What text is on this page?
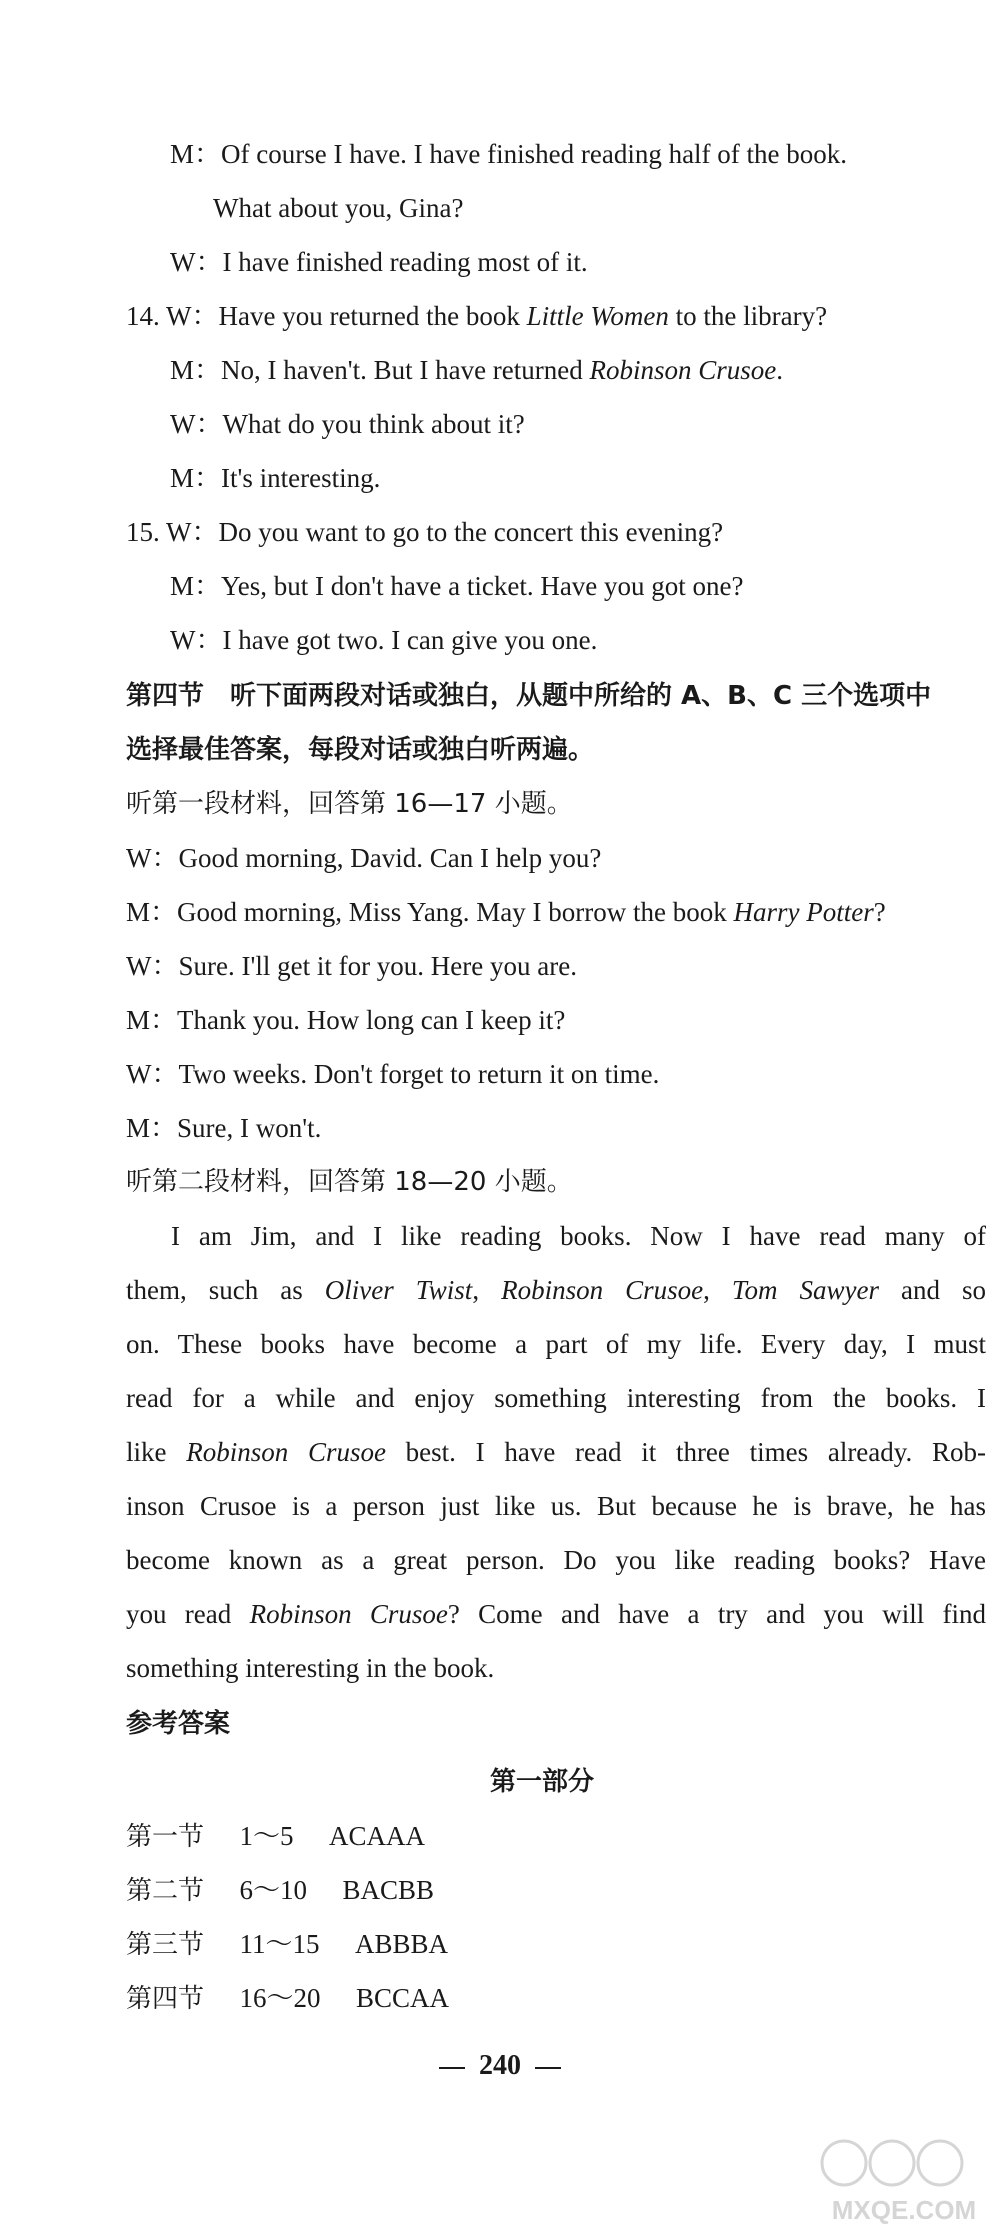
M：Of course I have. I have finished reading half of the book.
What about you, Gina?
W：I have finished reading most of it.
14. W：Have you returned the book Little Women to the library?
M：No, I haven't. But I have returned Robinson Crusoe.
W：What do you think about it?
M：It's interesting.
15. W：Do you want to go to the concert this evening?
M：Yes, but I don't have a ticket. Have you got one?
W：I have got two. I can give you one.
第四节　听下面两段对话或独白，从题中所给的 A、B、C 三个选项中
选择最佳答案，每段对话或独白听两遍。
听第一段材料，回答第 16—17 小题。
W：Good morning, David. Can I help you?
M：Good morning, Miss Yang. May I borrow the book Harry Potter?
W：Sure. I'll get it for you. Here you are.
M：Thank you. How long can I keep it?
W：Two weeks. Don't forget to return it on time.
M：Sure, I won't.
听第二段材料，回答第 18—20 小题。
I am Jim, and I like reading books. Now I have read many of
them, such as Oliver Twist, Robinson Crusoe, Tom Sawyer and so
on. These books have become a part of my life. Every day, I must
read for a while and enjoy something interesting from the books. I
like Robinson Crusoe best. I have read it three times already. Rob-
inson Crusoe is a person just like us. But because he is brave, he has
become known as a great person. Do you like reading books? Have
you read Robinson Crusoe? Come and have a try and you will find
something interesting in the book.
参考答案
第一部分
第一节 1～5 ACAAA
第二节 6～10 BACBB
第三节 11～15 ABBBA
第四节 16～20 BCCAA
240
MXQE.COM
